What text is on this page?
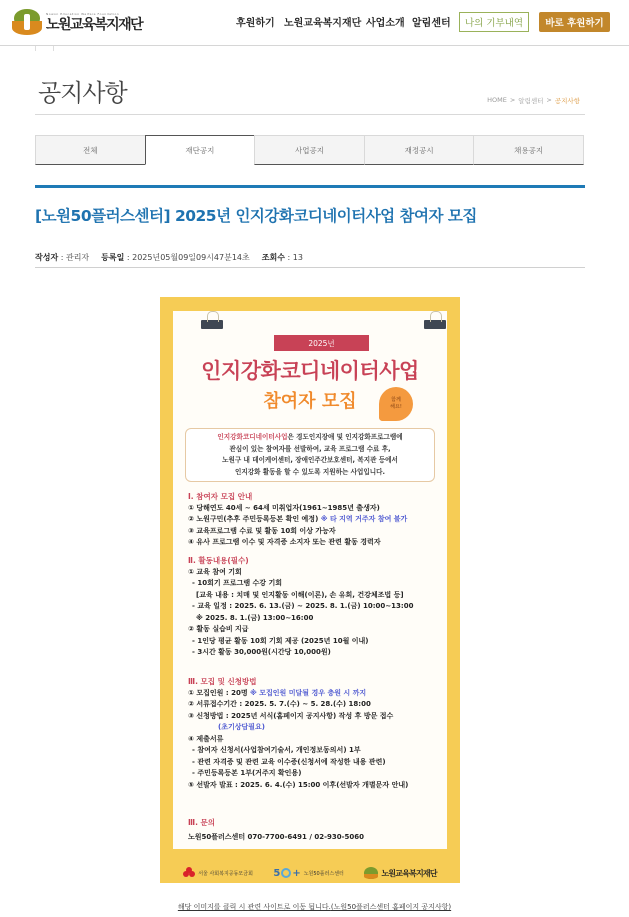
Nowon Education Welfare Foundation
노원교육복지재단	후원하기 노원교육복지재단 사업소개 알림센터	나의 기부내역	바로 후원하기
공지사항	HOME > 알림센터 > 공지사항
전체	재단공지	사업공지	재정공시	채용공지
[노원50플러스센터] 2025년 인지강화코디네이터사업 참여자 모집
작성자 : 관리자 등록일 : 2025년05월09일09시47분14초 조회수 : 13
2025년
인지강화코디네이터사업
참여자 모집	함께
해요!
인지강화코디네이터사업은 경도인지장애 및 인지강화프로그램에
관심이 있는 참여자를 선발하여, 교육 프로그램 수료 후,
노원구 내 데이케어센터, 장애인주간보호센터, 복지관 등에서
인지강화 활동을 할 수 있도록 지원하는 사업입니다.
Ⅰ. 참여자 모집 안내
① 당해연도 40세 ~ 64세 미취업자(1961~1985년 출생자)
② 노원구민(추후 주민등록등본 확인 예정) ※ 타 지역 거주자 참여 불가
③ 교육프로그램 수료 및 활동 10회 이상 가능자
④ 유사 프로그램 이수 및 자격증 소지자 또는 관련 활동 경력자
Ⅱ. 활동내용(필수)
① 교육 참여 기회
- 10회기 프로그램 수강 기회
[교육 내용 : 치매 및 인지활동 이해(이론), 손 유희, 건강체조법 등]
- 교육 일정 : 2025. 6. 13.(금) ~ 2025. 8. 1.(금) 10:00~13:00
※ 2025. 8. 1.(금) 13:00~16:00
② 활동 실습비 지급
- 1인당 평균 활동 10회 기회 제공 (2025년 10월 이내)
- 3시간 활동 30,000원(시간당 10,000원)
Ⅲ. 모집 및 신청방법
① 모집인원 : 20명 ※ 모집인원 미달될 경우 충원 시 까지
② 서류접수기간 : 2025. 5. 7.(수) ~ 5. 28.(수) 18:00
③ 신청방법 : 2025년 서식(홈페이지 공지사항) 작성 후 방문 접수
(초기상담필요)
④ 제출서류
- 참여자 신청서(사업참여기술서, 개인정보동의서) 1부
- 관련 자격증 및 관련 교육 이수증(신청서에 작성한 내용 관련)
- 주민등록등본 1부(거주지 확인용)
⑤ 선발자 발표 : 2025. 6. 4.(수) 15:00 이후(선발자 개별문자 안내)
Ⅲ. 문의
노원50플러스센터 070-7700-6491 / 02-930-5060
서울 사회복지공동모금회 5 + 노원50플러스센터	노원교육복지재단
해당 이미지를 클릭 시 관련 사이트로 이동 됩니다.(노원50플러스센터 홈페이지 공지사항)
